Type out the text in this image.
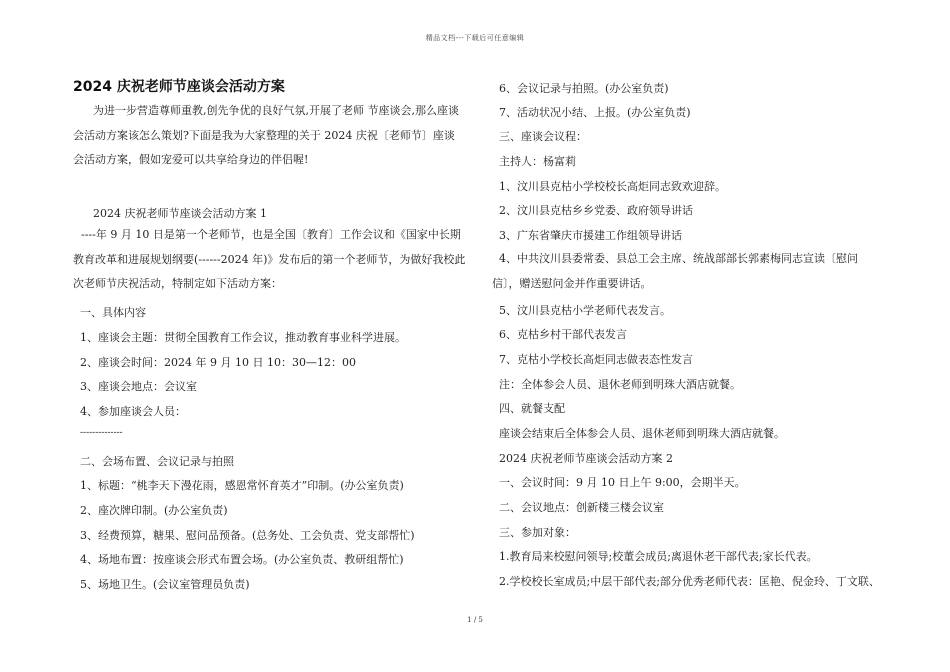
精品文档---下载后可任意编辑
2024 庆祝老师节座谈会活动方案
为进一步营造尊师重教,创先争优的良好气氛,开展了老师 节座谈会,那么座谈会活动方案该怎么策划?下面是我为大家整理的关于 2024 庆祝〔老师节〕座谈会活动方案，假如宠爱可以共享给身边的伴侣喔!
2024 庆祝老师节座谈会活动方案 1
----年 9 月 10 日是第一个老师节，也是全国〔教育〕工作会议和《国家中长期教育改革和进展规划纲要(------2024 年)》发布后的第一个老师节，为做好我校此次老师节庆祝活动，特制定如下活动方案：
一、具体内容
1、座谈会主题：贯彻全国教育工作会议，推动教育事业科学进展。
2、座谈会时间：2024 年 9 月 10 日 10：30—12：00
3、座谈会地点：会议室
4、参加座谈会人员：
--------------
二、会场布置、会议记录与拍照
1、标题：“桃李天下漫花雨，感恩常怀育英才”印制。(办公室负责)
2、座次牌印制。(办公室负责)
3、经费预算，糖果、慰问品预备。(总务处、工会负责、党支部帮忙)
4、场地布置：按座谈会形式布置会场。(办公室负责、教研组帮忙)
5、场地卫生。(会议室管理员负责)
6、会议记录与拍照。(办公室负责)
7、活动状况小结、上报。(办公室负责)
三、座谈会议程：
主持人：杨富莉
1、汶川县克枯小学校校长高炬同志致欢迎辞。
2、汶川县克枯乡乡党委、政府领导讲话
3、广东省肇庆市援建工作组领导讲话
4、中共汶川县委常委、县总工会主席、统战部部长郭素梅同志宣读〔慰问信〕，赠送慰问金并作重要讲话。
5、汶川县克枯小学老师代表发言。
6、克枯乡村干部代表发言
7、克枯小学校长高炬同志做表态性发言
注：全体参会人员、退休老师到明珠大酒店就餐。
四、就餐支配
座谈会结束后全体参会人员、退休老师到明珠大酒店就餐。
2024 庆祝老师节座谈会活动方案 2
一、会议时间：9 月 10 日上午 9:00，会期半天。
二、会议地点：创新楼三楼会议室
三、参加对象：
1.教育局来校慰问领导;校董会成员;离退休老干部代表;家长代表。
2.学校校长室成员;中层干部代表;部分优秀老师代表：匡艳、倪金玲、丁文联、
1 / 5
